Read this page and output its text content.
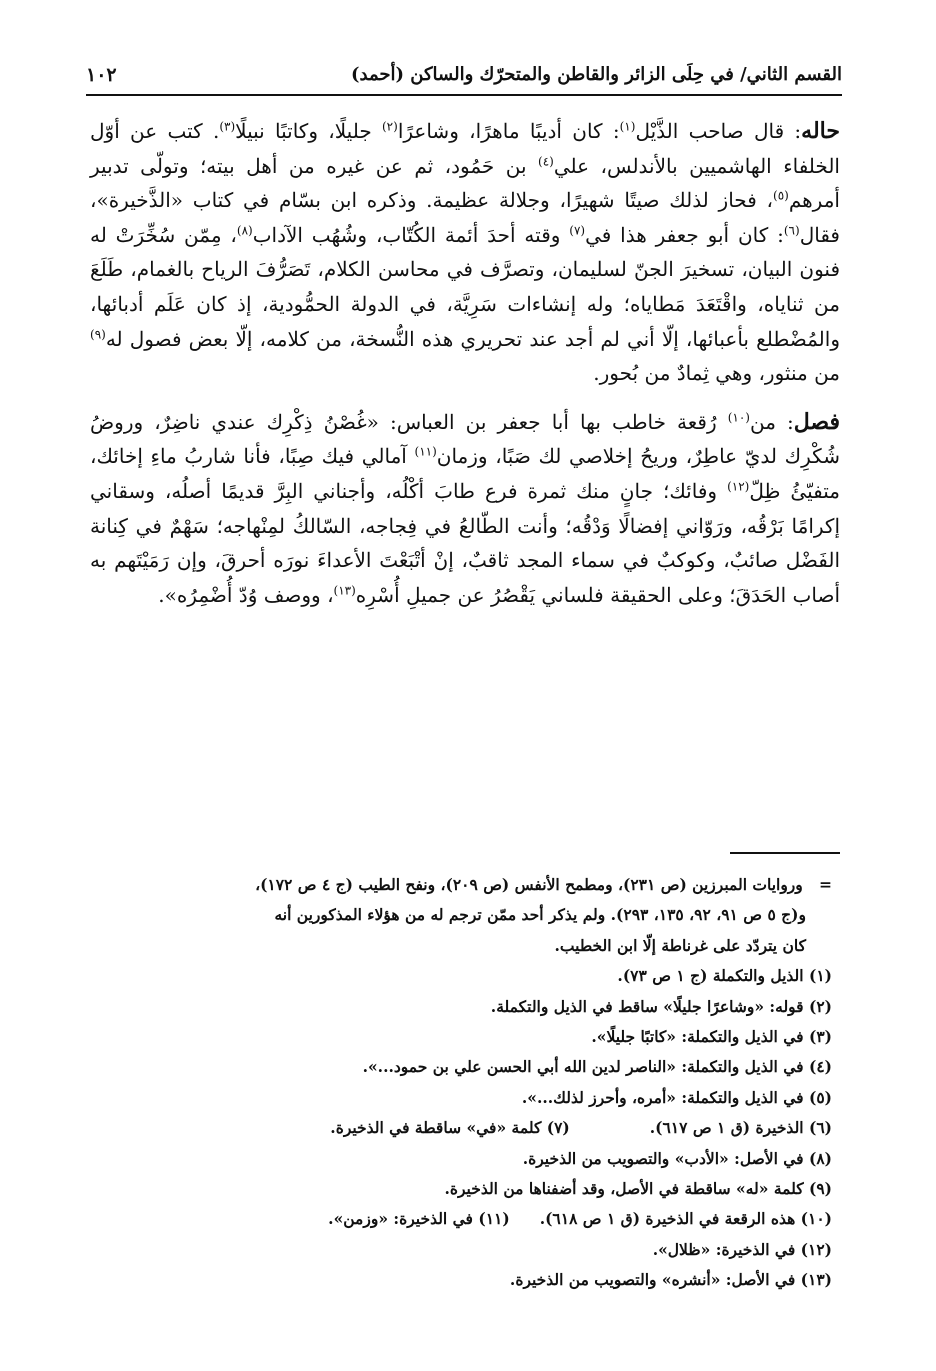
القسم الثاني/ في حِلَى الزائر والقاطن والمتحرّك والساكن (أحمد)
١٠٢

حاله: قال صاحب الذَّيْل$^{(١)}$: كان أديبًا ماهرًا، وشاعرًا$^{(٢)}$ جليلًا، وكاتبًا نبيلًا$^{(٣)}$. كتب عن أوّل الخلفاء الهاشميين بالأندلس، علي$^{(٤)}$ بن حَمُود، ثم عن غيره من أهل بيته؛ وتولّى تدبير أمرهم$^{(٥)}$، فحاز لذلك صيتًا شهيرًا، وجلالة عظيمة. وذكره ابن بسّام في كتاب «الذَّخيرة»، فقال$^{(٦)}$: كان أبو جعفر هذا في$^{(٧)}$ وقته أحدَ أئمة الكُتّاب، وشُهُب الآداب$^{(٨)}$، مِمّن سُخِّرَتْ له فنون البيان، تسخيرَ الجنّ لسليمان، وتصرَّف في محاسن الكلام، تَصَرُّفَ الرياح بالغمام، طَلَعَ من ثناياه، واقْتَعَدَ مَطاياه؛ وله إنشاءات سَرِيَّة، في الدولة الحمُّودية، إذ كان عَلَم أدبائها، والمُضْطلع بأعبائها، إلّا أني لم أجد عند تحريري هذه النُّسخة، من كلامه، إلّا بعض فصول له$^{(٩)}$ من منثور، وهي ثِمادٌ من بُحور.

فصل: من$^{(١٠)}$ رُقعة خاطب بها أبا جعفر بن العباس: «غُصْنُ ذِكْرِك عندي ناضِرٌ، وروضُ شُكْرِك لديّ عاطِرٌ، وريحُ إخلاصي لك صَبًا، وزمان$^{(١١)}$ آمالي فيك صِبًا، فأنا شاربُ ماءِ إخائك، متفيّئُ ظِلّ$^{(١٢)}$ وفائك؛ جانٍ منك ثمرة فرع طابَ أكْلُه، وأجناني البِرَّ قديمًا أصلُه، وسقاني إكرامًا بَرْقُه، ورَوّاني إفضالًا وَدْقُه؛ وأنت الطّالعُ في فِجاجه، السّالكُ لمِنْهاجه؛ سَهْمٌ في كِنانة الفَضْل صائبٌ، وكوكبٌ في سماء المجد ثاقبٌ، إنْ أتْبَعْتَ الأعداءَ نورَه أحرقَ، وإن رَمَيْتَهم به أصاب الحَدَقَ؛ وعلى الحقيقة فلساني يَقْصُرُ عن جميلِ أُسْرِه$^{(١٣)}$، ووصف وُدّ أُضْمِرُه».

=   وروايات المبرزين (ص ٢٣١)، ومطمح الأنفس (ص ٢٠٩)، ونفح الطيب (ج ٤ ص ١٧٢)،
و(ج ٥ ص ٩١، ٩٢، ١٣٥، ٢٩٣). ولم يذكر أحد ممّن ترجم له من هؤلاء المذكورين أنه
كان يتردّد على غرناطة إلّا ابن الخطيب.
(١) الذيل والتكملة (ج ١ ص ٧٣).
(٢) قوله: «وشاعرًا جليلًا» ساقط في الذيل والتكملة.
(٣) في الذيل والتكملة: «كاتبًا جليلًا».
(٤) في الذيل والتكملة: «الناصر لدين الله أبي الحسن علي بن حمود...».
(٥) في الذيل والتكملة: «أمره، وأحرز لذلك...».
(٦) الذخيرة (ق ١ ص ٦١٧).(٧) كلمة «في» ساقطة في الذخيرة.
(٨) في الأصل: «الأدب» والتصويب من الذخيرة.
(٩) كلمة «له» ساقطة في الأصل، وقد أضفناها من الذخيرة.
(١٠) هذه الرقعة في الذخيرة (ق ١ ص ٦١٨).(١١) في الذخيرة: «وزمن».
(١٢) في الذخيرة: «ظلال».
(١٣) في الأصل: «أنشره» والتصويب من الذخيرة.
